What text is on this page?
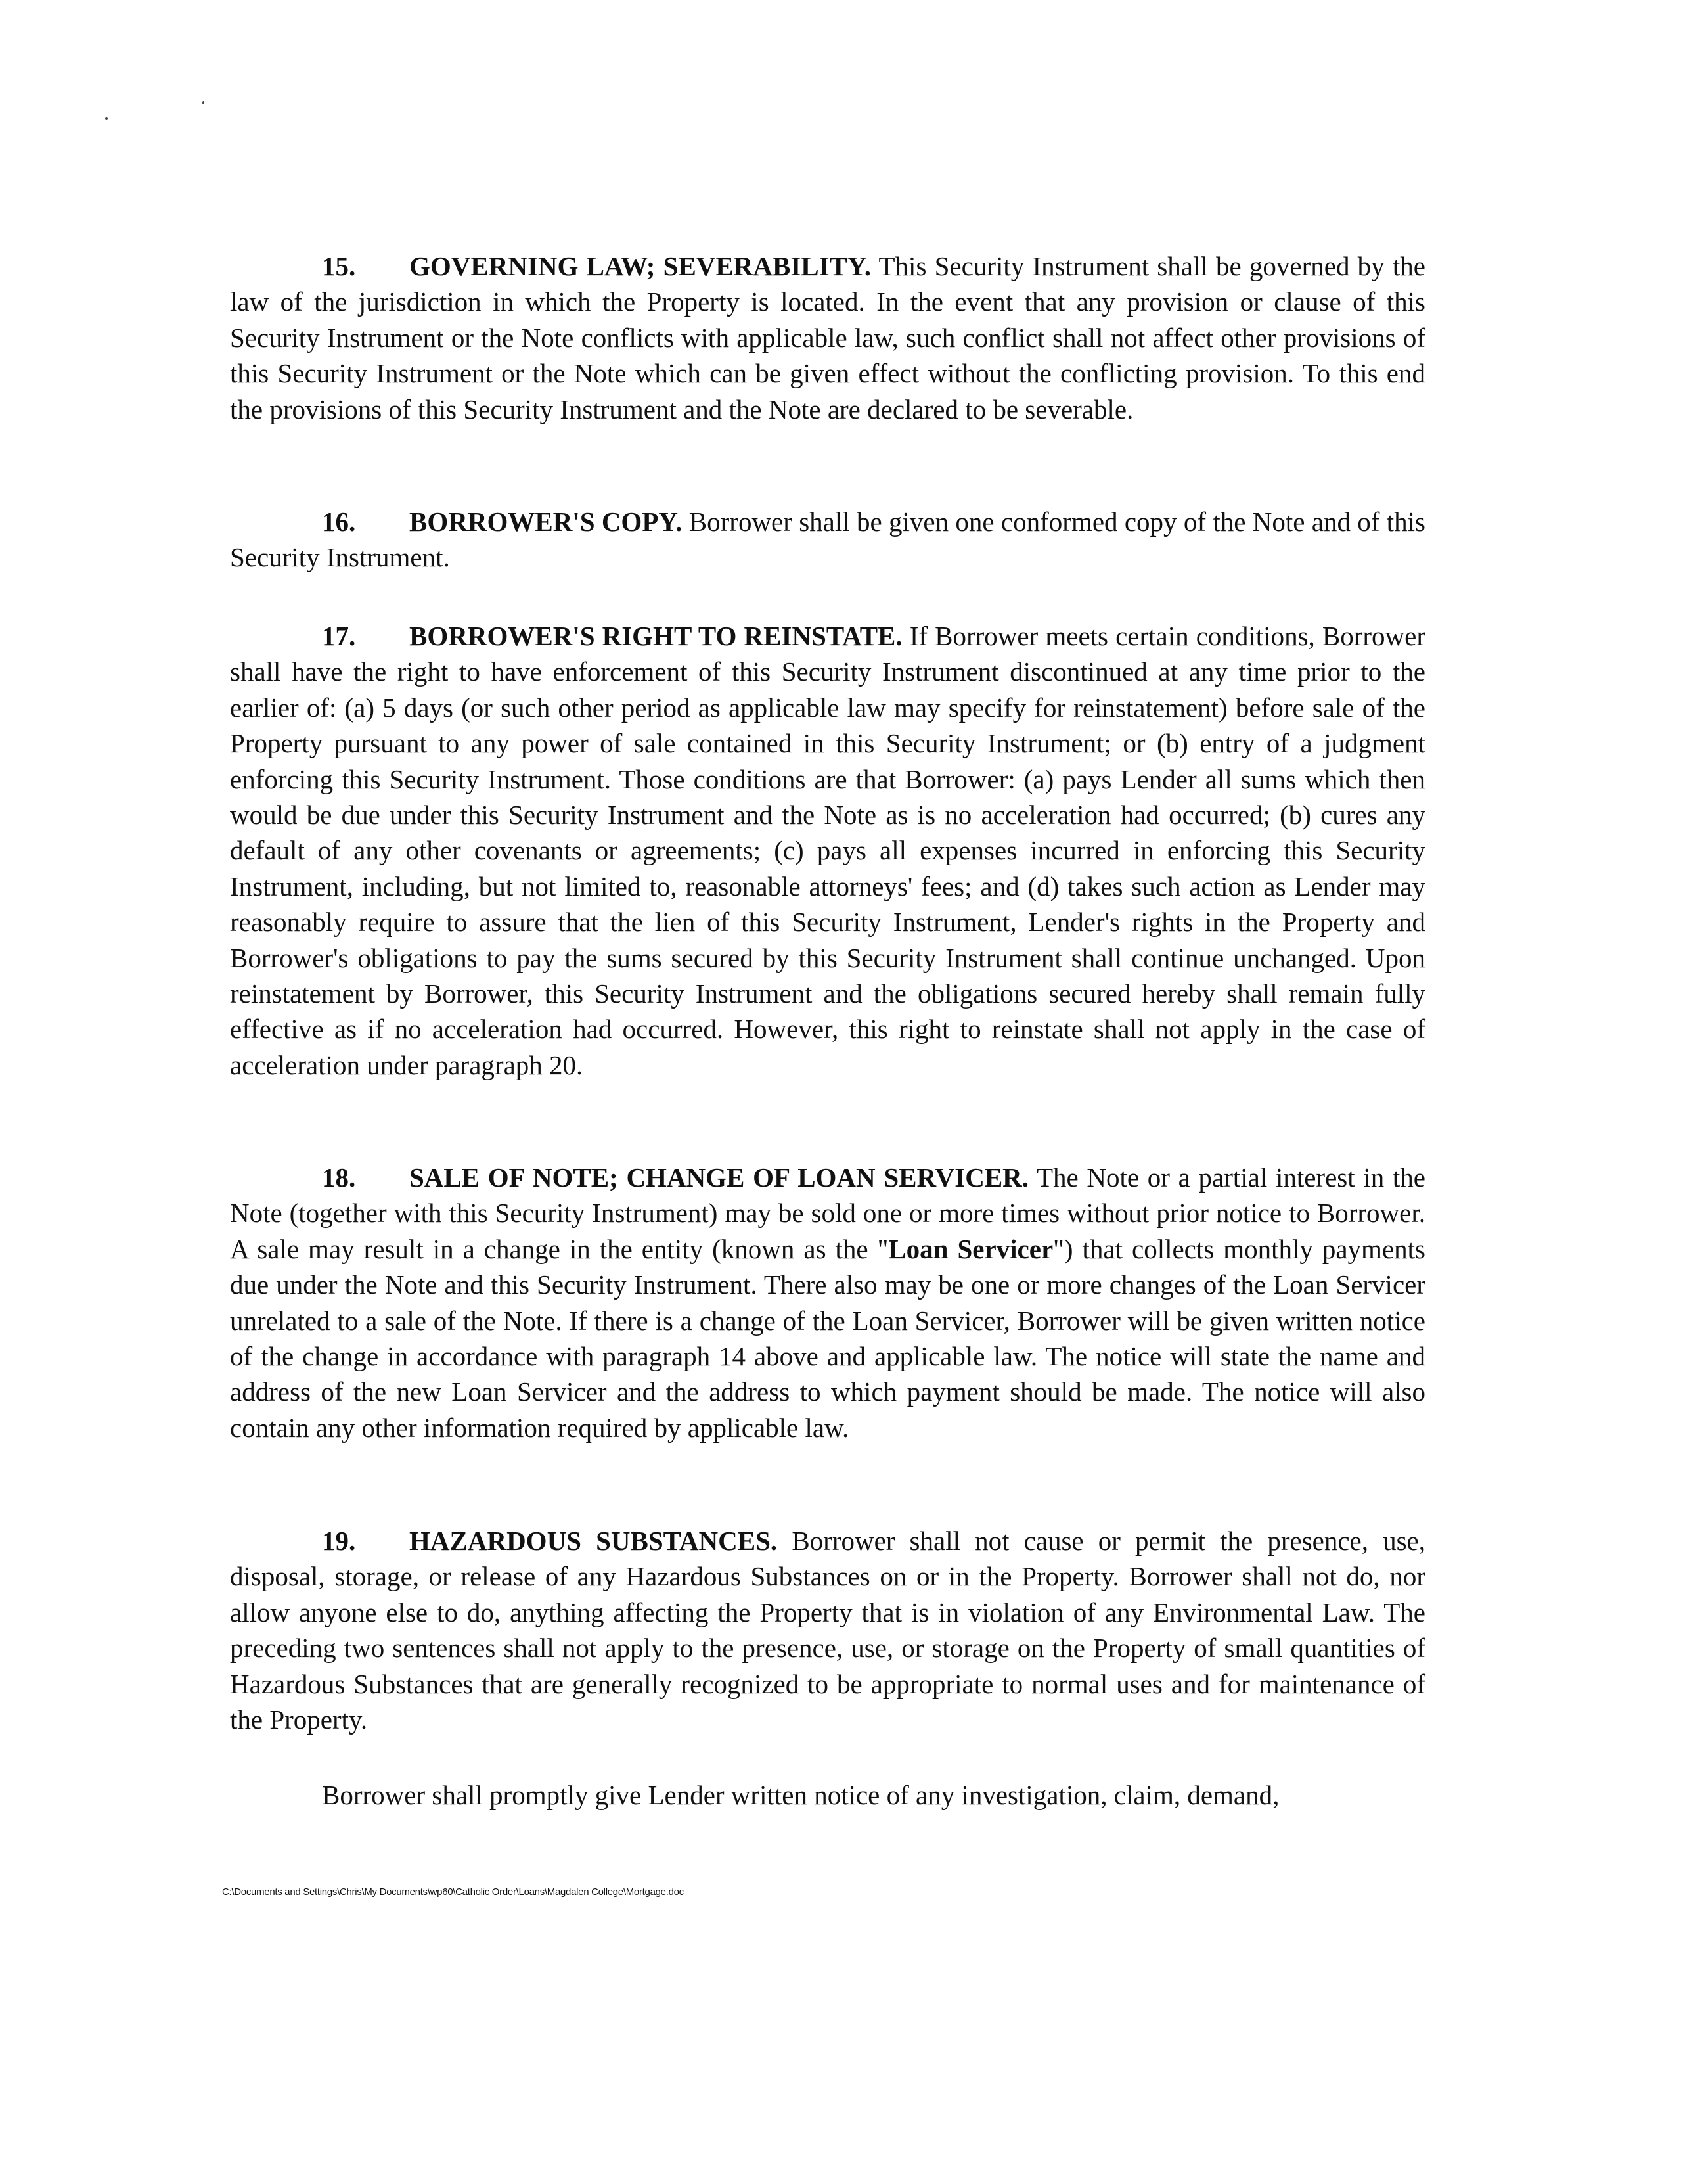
15. GOVERNING LAW; SEVERABILITY. This Security Instrument shall be governed by the law of the jurisdiction in which the Property is located. In the event that any provision or clause of this Security Instrument or the Note conflicts with applicable law, such conflict shall not affect other provisions of this Security Instrument or the Note which can be given effect without the conflicting provision. To this end the provisions of this Security Instrument and the Note are declared to be severable.

16. BORROWER'S COPY. Borrower shall be given one conformed copy of the Note and of this Security Instrument.

17. BORROWER'S RIGHT TO REINSTATE. If Borrower meets certain conditions, Borrower shall have the right to have enforcement of this Security Instrument discontinued at any time prior to the earlier of: (a) 5 days (or such other period as applicable law may specify for reinstatement) before sale of the Property pursuant to any power of sale contained in this Security Instrument; or (b) entry of a judgment enforcing this Security Instrument. Those conditions are that Borrower: (a) pays Lender all sums which then would be due under this Security Instrument and the Note as is no acceleration had occurred; (b) cures any default of any other covenants or agreements; (c) pays all expenses incurred in enforcing this Security Instrument, including, but not limited to, reasonable attorneys' fees; and (d) takes such action as Lender may reasonably require to assure that the lien of this Security Instrument, Lender's rights in the Property and Borrower's obligations to pay the sums secured by this Security Instrument shall continue unchanged. Upon reinstatement by Borrower, this Security Instrument and the obligations secured hereby shall remain fully effective as if no acceleration had occurred. However, this right to reinstate shall not apply in the case of acceleration under paragraph 20.

18. SALE OF NOTE; CHANGE OF LOAN SERVICER. The Note or a partial interest in the Note (together with this Security Instrument) may be sold one or more times without prior notice to Borrower. A sale may result in a change in the entity (known as the "Loan Servicer") that collects monthly payments due under the Note and this Security Instrument. There also may be one or more changes of the Loan Servicer unrelated to a sale of the Note. If there is a change of the Loan Servicer, Borrower will be given written notice of the change in accordance with paragraph 14 above and applicable law. The notice will state the name and address of the new Loan Servicer and the address to which payment should be made. The notice will also contain any other information required by applicable law.

19. HAZARDOUS SUBSTANCES. Borrower shall not cause or permit the presence, use, disposal, storage, or release of any Hazardous Substances on or in the Property. Borrower shall not do, nor allow anyone else to do, anything affecting the Property that is in violation of any Environmental Law. The preceding two sentences shall not apply to the presence, use, or storage on the Property of small quantities of Hazardous Substances that are generally recognized to be appropriate to normal uses and for maintenance of the Property.

Borrower shall promptly give Lender written notice of any investigation, claim, demand,

C:\Documents and Settings\Chris\My Documents\wp60\Catholic Order\Loans\Magdalen College\Mortgage.doc
